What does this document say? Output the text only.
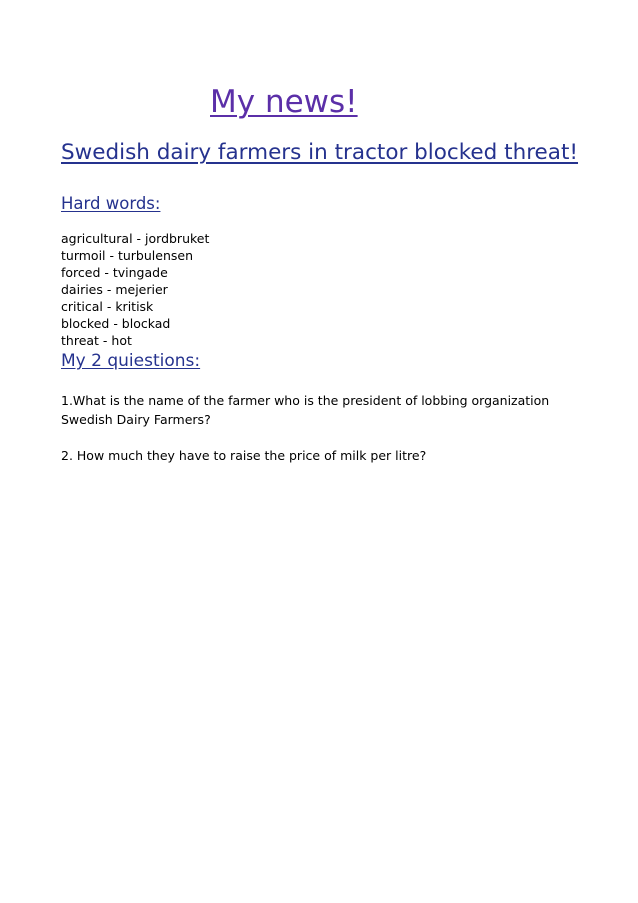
My news!
Swedish dairy farmers in tractor blocked threat!
Hard words:
agricultural - jordbruket
turmoil - turbulensen
forced - tvingade
dairies - mejerier
critical - kritisk
blocked - blockad
threat - hot
My 2 quiestions:

1.What is the name of the farmer who is the president of lobbing organization Swedish Dairy Farmers?

2. How much they have to raise the price of milk per litre?
